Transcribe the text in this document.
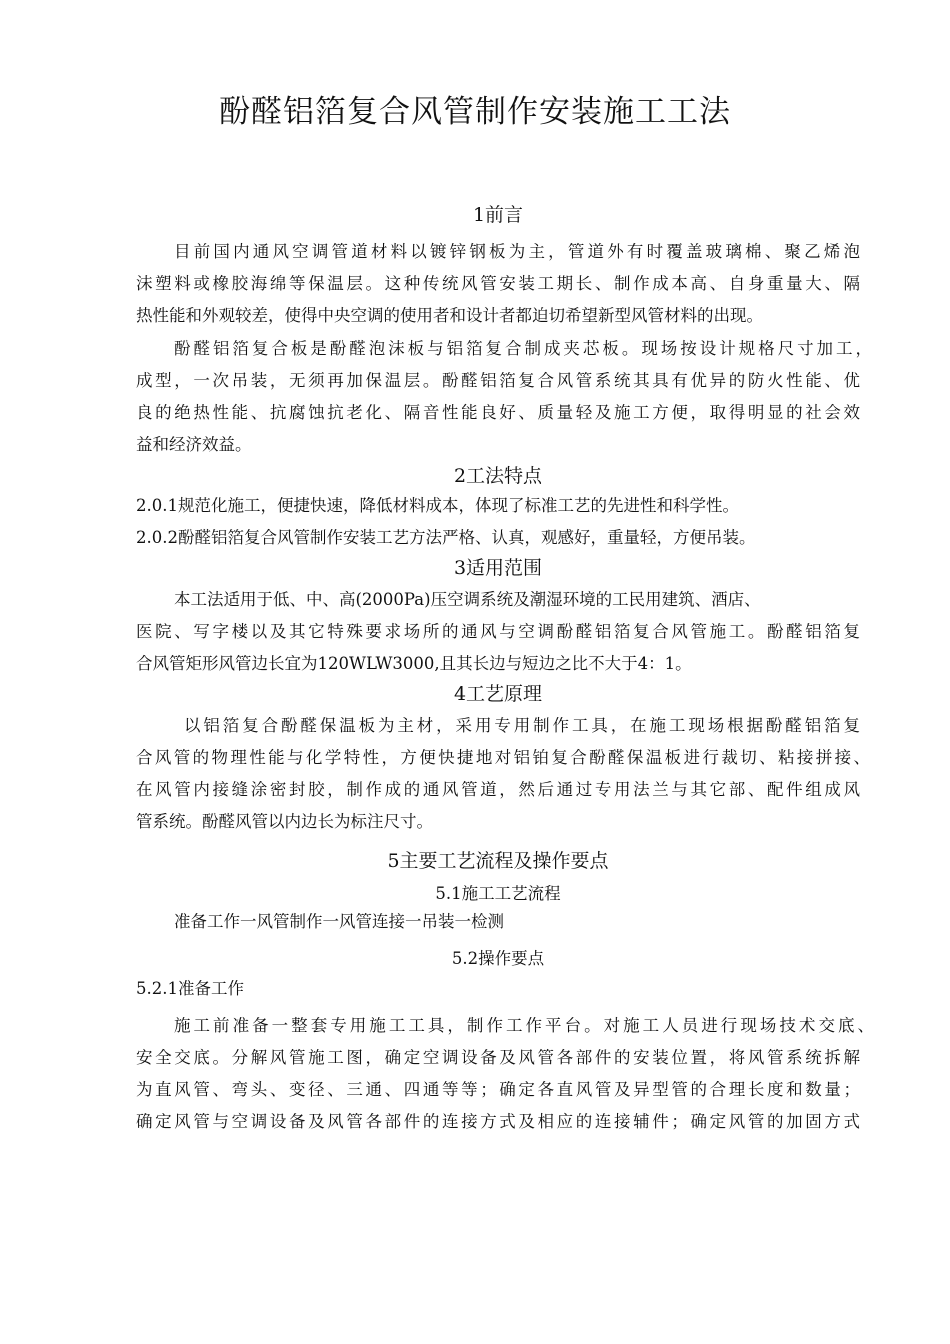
酚醛铝箔复合风管制作安装施工工法
1前言
目前国内通风空调管道材料以镀锌钢板为主，管道外有时覆盖玻璃棉、聚乙烯泡
沫塑料或橡胶海绵等保温层。这种传统风管安装工期长、制作成本高、自身重量大、隔
热性能和外观较差，使得中央空调的使用者和设计者都迫切希望新型风管材料的出现。
酚醛铝箔复合板是酚醛泡沫板与铝箔复合制成夹芯板。现场按设计规格尺寸加工，
成型，一次吊装，无须再加保温层。酚醛铝箔复合风管系统其具有优异的防火性能、优
良的绝热性能、抗腐蚀抗老化、隔音性能良好、质量轻及施工方便，取得明显的社会效
益和经济效益。
2工法特点
2.0.1规范化施工，便捷快速，降低材料成本，体现了标准工艺的先进性和科学性。
2.0.2酚醛铝箔复合风管制作安装工艺方法严格、认真，观感好，重量轻，方便吊装。
3适用范围
本工法适用于低、中、高(2000Pa)压空调系统及潮湿环境的工民用建筑、酒店、
医院、写字楼以及其它特殊要求场所的通风与空调酚醛铝箔复合风管施工。酚醛铝箔复
合风管矩形风管边长宜为120WLW3000,且其长边与短边之比不大于4：1。
4工艺原理
以铝箔复合酚醛保温板为主材，采用专用制作工具，在施工现场根据酚醛铝箔复
合风管的物理性能与化学特性，方便快捷地对铝铂复合酚醛保温板进行裁切、粘接拼接、
在风管内接缝涂密封胶，制作成的通风管道，然后通过专用法兰与其它部、配件组成风
管系统。酚醛风管以内边长为标注尺寸。
5主要工艺流程及操作要点
5.1施工工艺流程
准备工作一风管制作一风管连接一吊装一检测
5.2操作要点
5.2.1准备工作
施工前准备一整套专用施工工具，制作工作平台。对施工人员进行现场技术交底、
安全交底。分解风管施工图，确定空调设备及风管各部件的安装位置，将风管系统拆解
为直风管、弯头、变径、三通、四通等等；确定各直风管及异型管的合理长度和数量；
确定风管与空调设备及风管各部件的连接方式及相应的连接辅件；确定风管的加固方式
